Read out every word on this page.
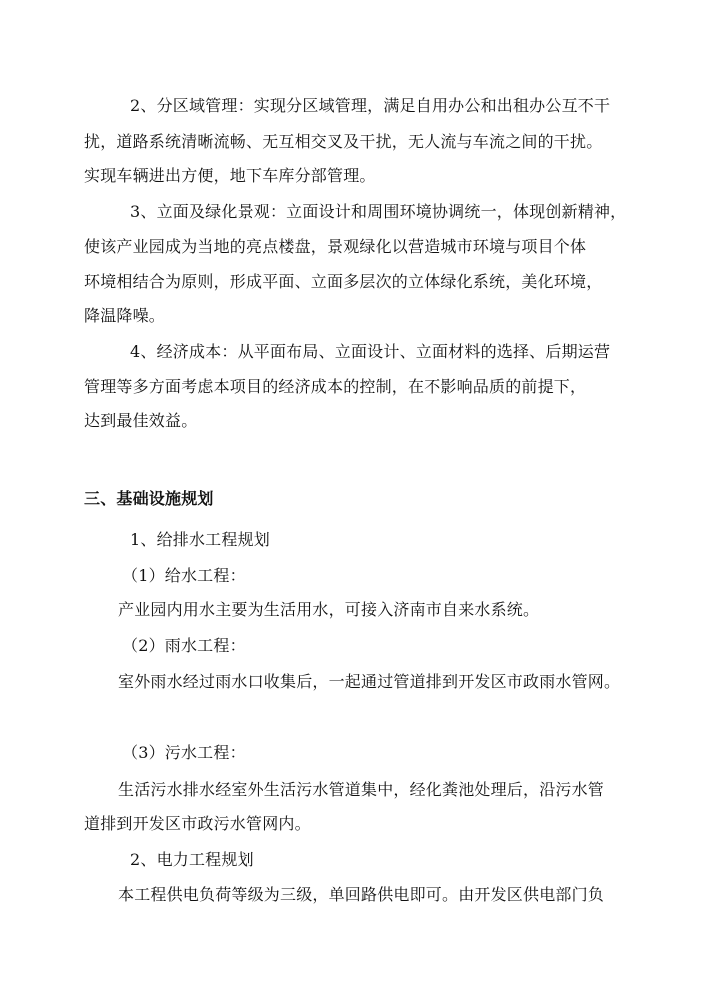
2、分区域管理：实现分区域管理，满足自用办公和出租办公互不干
扰，道路系统清晰流畅、无互相交叉及干扰，无人流与车流之间的干扰。
实现车辆进出方便，地下车库分部管理。
3、立面及绿化景观：立面设计和周围环境协调统一，体现创新精神，
使该产业园成为当地的亮点楼盘，景观绿化以营造城市环境与项目个体
环境相结合为原则，形成平面、立面多层次的立体绿化系统，美化环境，
降温降噪。
4、经济成本：从平面布局、立面设计、立面材料的选择、后期运营
管理等多方面考虑本项目的经济成本的控制，在不影响品质的前提下，
达到最佳效益。
三、基础设施规划
1、给排水工程规划
（1）给水工程：
产业园内用水主要为生活用水，可接入济南市自来水系统。
（2）雨水工程：
室外雨水经过雨水口收集后，一起通过管道排到开发区市政雨水管网。
（3）污水工程：
生活污水排水经室外生活污水管道集中，经化粪池处理后，沿污水管
道排到开发区市政污水管网内。
2、电力工程规划
本工程供电负荷等级为三级，单回路供电即可。由开发区供电部门负
